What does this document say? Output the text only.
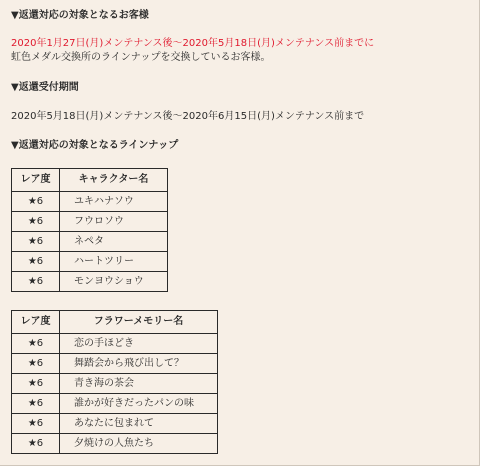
▼返還対応の対象となるお客様
2020年1月27日(月)メンテナンス後～2020年5月18日(月)メンテナンス前までに
虹色メダル交換所のラインナップを交換しているお客様。
▼返還受付期間
2020年5月18日(月)メンテナンス後～2020年6月15日(月)メンテナンス前まで
▼返還対応の対象となるラインナップ
レア度	キャラクター名
★6	ユキハナソウ
★6	フウロソウ
★6	ネペタ
★6	ハートツリー
★6	モンヨウショウ
レア度	フラワーメモリー名
★6	恋の手ほどき
★6	舞踏会から飛び出して？
★6	青き海の茶会
★6	誰かが好きだったパンの味
★6	あなたに包まれて
★6	夕焼けの人魚たち
